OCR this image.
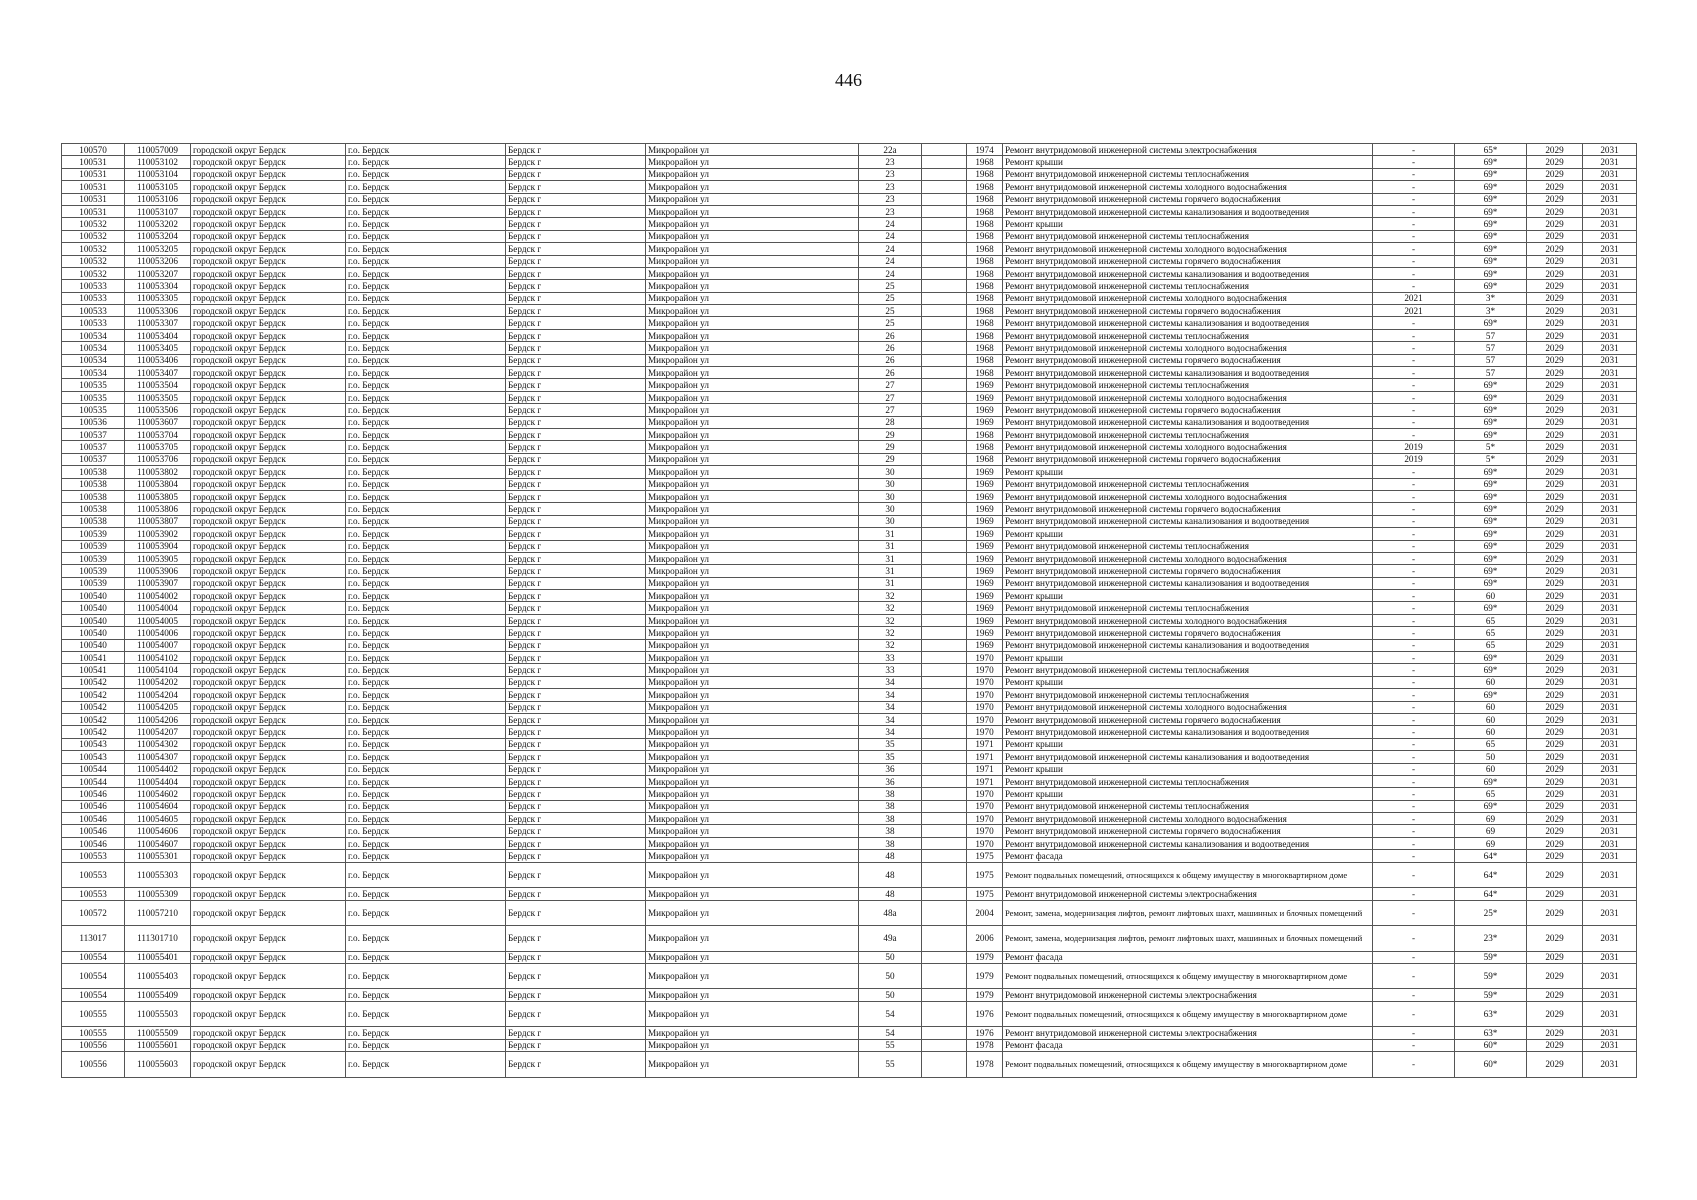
446
100570	110057009	городской округ Бердск	г.о. Бердск	Бердск г	Микрорайон ул	22а		1974	Ремонт внутридомовой инженерной системы электроснабжения	-	65*	2029	2031
100531	110053102	городской округ Бердск	г.о. Бердск	Бердск г	Микрорайон ул	23		1968	Ремонт крыши	-	69*	2029	2031
100531	110053104	городской округ Бердск	г.о. Бердск	Бердск г	Микрорайон ул	23		1968	Ремонт внутридомовой инженерной системы теплоснабжения	-	69*	2029	2031
100531	110053105	городской округ Бердск	г.о. Бердск	Бердск г	Микрорайон ул	23		1968	Ремонт внутридомовой инженерной системы холодного водоснабжения	-	69*	2029	2031
100531	110053106	городской округ Бердск	г.о. Бердск	Бердск г	Микрорайон ул	23		1968	Ремонт внутридомовой инженерной системы горячего водоснабжения	-	69*	2029	2031
100531	110053107	городской округ Бердск	г.о. Бердск	Бердск г	Микрорайон ул	23		1968	Ремонт внутридомовой инженерной системы канализования и водоотведения	-	69*	2029	2031
100532	110053202	городской округ Бердск	г.о. Бердск	Бердск г	Микрорайон ул	24		1968	Ремонт крыши	-	69*	2029	2031
100532	110053204	городской округ Бердск	г.о. Бердск	Бердск г	Микрорайон ул	24		1968	Ремонт внутридомовой инженерной системы теплоснабжения	-	69*	2029	2031
100532	110053205	городской округ Бердск	г.о. Бердск	Бердск г	Микрорайон ул	24		1968	Ремонт внутридомовой инженерной системы холодного водоснабжения	-	69*	2029	2031
100532	110053206	городской округ Бердск	г.о. Бердск	Бердск г	Микрорайон ул	24		1968	Ремонт внутридомовой инженерной системы горячего водоснабжения	-	69*	2029	2031
100532	110053207	городской округ Бердск	г.о. Бердск	Бердск г	Микрорайон ул	24		1968	Ремонт внутридомовой инженерной системы канализования и водоотведения	-	69*	2029	2031
100533	110053304	городской округ Бердск	г.о. Бердск	Бердск г	Микрорайон ул	25		1968	Ремонт внутридомовой инженерной системы теплоснабжения	-	69*	2029	2031
100533	110053305	городской округ Бердск	г.о. Бердск	Бердск г	Микрорайон ул	25		1968	Ремонт внутридомовой инженерной системы холодного водоснабжения	2021	3*	2029	2031
100533	110053306	городской округ Бердск	г.о. Бердск	Бердск г	Микрорайон ул	25		1968	Ремонт внутридомовой инженерной системы горячего водоснабжения	2021	3*	2029	2031
100533	110053307	городской округ Бердск	г.о. Бердск	Бердск г	Микрорайон ул	25		1968	Ремонт внутридомовой инженерной системы канализования и водоотведения	-	69*	2029	2031
100534	110053404	городской округ Бердск	г.о. Бердск	Бердск г	Микрорайон ул	26		1968	Ремонт внутридомовой инженерной системы теплоснабжения	-	57	2029	2031
100534	110053405	городской округ Бердск	г.о. Бердск	Бердск г	Микрорайон ул	26		1968	Ремонт внутридомовой инженерной системы холодного водоснабжения	-	57	2029	2031
100534	110053406	городской округ Бердск	г.о. Бердск	Бердск г	Микрорайон ул	26		1968	Ремонт внутридомовой инженерной системы горячего водоснабжения	-	57	2029	2031
100534	110053407	городской округ Бердск	г.о. Бердск	Бердск г	Микрорайон ул	26		1968	Ремонт внутридомовой инженерной системы канализования и водоотведения	-	57	2029	2031
100535	110053504	городской округ Бердск	г.о. Бердск	Бердск г	Микрорайон ул	27		1969	Ремонт внутридомовой инженерной системы теплоснабжения	-	69*	2029	2031
100535	110053505	городской округ Бердск	г.о. Бердск	Бердск г	Микрорайон ул	27		1969	Ремонт внутридомовой инженерной системы холодного водоснабжения	-	69*	2029	2031
100535	110053506	городской округ Бердск	г.о. Бердск	Бердск г	Микрорайон ул	27		1969	Ремонт внутридомовой инженерной системы горячего водоснабжения	-	69*	2029	2031
100536	110053607	городской округ Бердск	г.о. Бердск	Бердск г	Микрорайон ул	28		1969	Ремонт внутридомовой инженерной системы канализования и водоотведения	-	69*	2029	2031
100537	110053704	городской округ Бердск	г.о. Бердск	Бердск г	Микрорайон ул	29		1968	Ремонт внутридомовой инженерной системы теплоснабжения	-	69*	2029	2031
100537	110053705	городской округ Бердск	г.о. Бердск	Бердск г	Микрорайон ул	29		1968	Ремонт внутридомовой инженерной системы холодного водоснабжения	2019	5*	2029	2031
100537	110053706	городской округ Бердск	г.о. Бердск	Бердск г	Микрорайон ул	29		1968	Ремонт внутридомовой инженерной системы горячего водоснабжения	2019	5*	2029	2031
100538	110053802	городской округ Бердск	г.о. Бердск	Бердск г	Микрорайон ул	30		1969	Ремонт крыши	-	69*	2029	2031
100538	110053804	городской округ Бердск	г.о. Бердск	Бердск г	Микрорайон ул	30		1969	Ремонт внутридомовой инженерной системы теплоснабжения	-	69*	2029	2031
100538	110053805	городской округ Бердск	г.о. Бердск	Бердск г	Микрорайон ул	30		1969	Ремонт внутридомовой инженерной системы холодного водоснабжения	-	69*	2029	2031
100538	110053806	городской округ Бердск	г.о. Бердск	Бердск г	Микрорайон ул	30		1969	Ремонт внутридомовой инженерной системы горячего водоснабжения	-	69*	2029	2031
100538	110053807	городской округ Бердск	г.о. Бердск	Бердск г	Микрорайон ул	30		1969	Ремонт внутридомовой инженерной системы канализования и водоотведения	-	69*	2029	2031
100539	110053902	городской округ Бердск	г.о. Бердск	Бердск г	Микрорайон ул	31		1969	Ремонт крыши	-	69*	2029	2031
100539	110053904	городской округ Бердск	г.о. Бердск	Бердск г	Микрорайон ул	31		1969	Ремонт внутридомовой инженерной системы теплоснабжения	-	69*	2029	2031
100539	110053905	городской округ Бердск	г.о. Бердск	Бердск г	Микрорайон ул	31		1969	Ремонт внутридомовой инженерной системы холодного водоснабжения	-	69*	2029	2031
100539	110053906	городской округ Бердск	г.о. Бердск	Бердск г	Микрорайон ул	31		1969	Ремонт внутридомовой инженерной системы горячего водоснабжения	-	69*	2029	2031
100539	110053907	городской округ Бердск	г.о. Бердск	Бердск г	Микрорайон ул	31		1969	Ремонт внутридомовой инженерной системы канализования и водоотведения	-	69*	2029	2031
100540	110054002	городской округ Бердск	г.о. Бердск	Бердск г	Микрорайон ул	32		1969	Ремонт крыши	-	60	2029	2031
100540	110054004	городской округ Бердск	г.о. Бердск	Бердск г	Микрорайон ул	32		1969	Ремонт внутридомовой инженерной системы теплоснабжения	-	69*	2029	2031
100540	110054005	городской округ Бердск	г.о. Бердск	Бердск г	Микрорайон ул	32		1969	Ремонт внутридомовой инженерной системы холодного водоснабжения	-	65	2029	2031
100540	110054006	городской округ Бердск	г.о. Бердск	Бердск г	Микрорайон ул	32		1969	Ремонт внутридомовой инженерной системы горячего водоснабжения	-	65	2029	2031
100540	110054007	городской округ Бердск	г.о. Бердск	Бердск г	Микрорайон ул	32		1969	Ремонт внутридомовой инженерной системы канализования и водоотведения	-	65	2029	2031
100541	110054102	городской округ Бердск	г.о. Бердск	Бердск г	Микрорайон ул	33		1970	Ремонт крыши	-	69*	2029	2031
100541	110054104	городской округ Бердск	г.о. Бердск	Бердск г	Микрорайон ул	33		1970	Ремонт внутридомовой инженерной системы теплоснабжения	-	69*	2029	2031
100542	110054202	городской округ Бердск	г.о. Бердск	Бердск г	Микрорайон ул	34		1970	Ремонт крыши	-	60	2029	2031
100542	110054204	городской округ Бердск	г.о. Бердск	Бердск г	Микрорайон ул	34		1970	Ремонт внутридомовой инженерной системы теплоснабжения	-	69*	2029	2031
100542	110054205	городской округ Бердск	г.о. Бердск	Бердск г	Микрорайон ул	34		1970	Ремонт внутридомовой инженерной системы холодного водоснабжения	-	60	2029	2031
100542	110054206	городской округ Бердск	г.о. Бердск	Бердск г	Микрорайон ул	34		1970	Ремонт внутридомовой инженерной системы горячего водоснабжения	-	60	2029	2031
100542	110054207	городской округ Бердск	г.о. Бердск	Бердск г	Микрорайон ул	34		1970	Ремонт внутридомовой инженерной системы канализования и водоотведения	-	60	2029	2031
100543	110054302	городской округ Бердск	г.о. Бердск	Бердск г	Микрорайон ул	35		1971	Ремонт крыши	-	65	2029	2031
100543	110054307	городской округ Бердск	г.о. Бердск	Бердск г	Микрорайон ул	35		1971	Ремонт внутридомовой инженерной системы канализования и водоотведения	-	50	2029	2031
100544	110054402	городской округ Бердск	г.о. Бердск	Бердск г	Микрорайон ул	36		1971	Ремонт крыши	-	60	2029	2031
100544	110054404	городской округ Бердск	г.о. Бердск	Бердск г	Микрорайон ул	36		1971	Ремонт внутридомовой инженерной системы теплоснабжения	-	69*	2029	2031
100546	110054602	городской округ Бердск	г.о. Бердск	Бердск г	Микрорайон ул	38		1970	Ремонт крыши	-	65	2029	2031
100546	110054604	городской округ Бердск	г.о. Бердск	Бердск г	Микрорайон ул	38		1970	Ремонт внутридомовой инженерной системы теплоснабжения	-	69*	2029	2031
100546	110054605	городской округ Бердск	г.о. Бердск	Бердск г	Микрорайон ул	38		1970	Ремонт внутридомовой инженерной системы холодного водоснабжения	-	69	2029	2031
100546	110054606	городской округ Бердск	г.о. Бердск	Бердск г	Микрорайон ул	38		1970	Ремонт внутридомовой инженерной системы горячего водоснабжения	-	69	2029	2031
100546	110054607	городской округ Бердск	г.о. Бердск	Бердск г	Микрорайон ул	38		1970	Ремонт внутридомовой инженерной системы канализования и водоотведения	-	69	2029	2031
100553	110055301	городской округ Бердск	г.о. Бердск	Бердск г	Микрорайон ул	48		1975	Ремонт фасада	-	64*	2029	2031
100553	110055303	городской округ Бердск	г.о. Бердск	Бердск г	Микрорайон ул	48		1975	Ремонт подвальных помещений, относящихся к общему имуществу в многоквартирном доме	-	64*	2029	2031
100553	110055309	городской округ Бердск	г.о. Бердск	Бердск г	Микрорайон ул	48		1975	Ремонт внутридомовой инженерной системы электроснабжения	-	64*	2029	2031
100572	110057210	городской округ Бердск	г.о. Бердск	Бердск г	Микрорайон ул	48а		2004	Ремонт, замена, модернизация лифтов, ремонт лифтовых шахт, машинных и блочных помещений	-	25*	2029	2031
113017	111301710	городской округ Бердск	г.о. Бердск	Бердск г	Микрорайон ул	49а		2006	Ремонт, замена, модернизация лифтов, ремонт лифтовых шахт, машинных и блочных помещений	-	23*	2029	2031
100554	110055401	городской округ Бердск	г.о. Бердск	Бердск г	Микрорайон ул	50		1979	Ремонт фасада	-	59*	2029	2031
100554	110055403	городской округ Бердск	г.о. Бердск	Бердск г	Микрорайон ул	50		1979	Ремонт подвальных помещений, относящихся к общему имуществу в многоквартирном доме	-	59*	2029	2031
100554	110055409	городской округ Бердск	г.о. Бердск	Бердск г	Микрорайон ул	50		1979	Ремонт внутридомовой инженерной системы электроснабжения	-	59*	2029	2031
100555	110055503	городской округ Бердск	г.о. Бердск	Бердск г	Микрорайон ул	54		1976	Ремонт подвальных помещений, относящихся к общему имуществу в многоквартирном доме	-	63*	2029	2031
100555	110055509	городской округ Бердск	г.о. Бердск	Бердск г	Микрорайон ул	54		1976	Ремонт внутридомовой инженерной системы электроснабжения	-	63*	2029	2031
100556	110055601	городской округ Бердск	г.о. Бердск	Бердск г	Микрорайон ул	55		1978	Ремонт фасада	-	60*	2029	2031
100556	110055603	городской округ Бердск	г.о. Бердск	Бердск г	Микрорайон ул	55		1978	Ремонт подвальных помещений, относящихся к общему имуществу в многоквартирном доме	-	60*	2029	2031
